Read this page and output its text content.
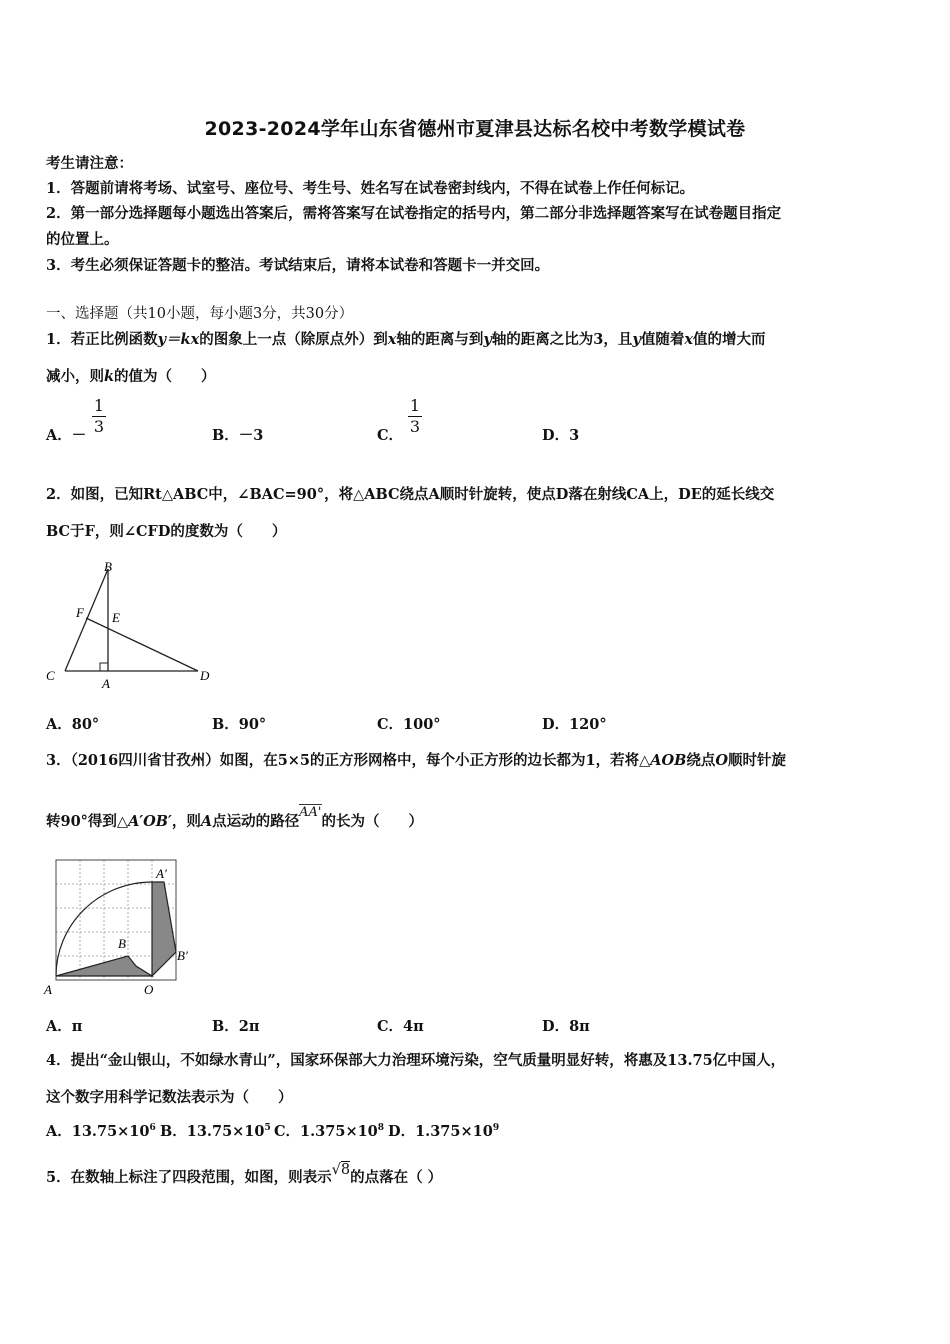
2023-2024学年山东省德州市夏津县达标名校中考数学模试卷
考生请注意：
1．答题前请将考场、试室号、座位号、考生号、姓名写在试卷密封线内，不得在试卷上作任何标记。
2．第一部分选择题每小题选出答案后，需将答案写在试卷指定的括号内，第二部分非选择题答案写在试卷题目指定
的位置上。
3．考生必须保证答题卡的整洁。考试结束后，请将本试卷和答题卡一并交回。
一、选择题（共10小题，每小题3分，共30分）
1．若正比例函数y＝kx的图象上一点（除原点外）到x轴的距离与到y轴的距离之比为3，且y值随着x值的增大而
减小，则k的值为（　　）
A．－
1
3	B．－3	C．
1
3	D．3
2．如图，已知Rt△ABC中，∠BAC=90°，将△ABC绕点A顺时针旋转，使点D落在射线CA上，DE的延长线交
BC于F，则∠CFD的度数为（　　）
B
F E
C
A
D
A．80°	B．90°	C．100°	D．120°
3．（2016四川省甘孜州）如图，在5×5的正方形网格中，每个小正方形的边长都为1，若将△AOB绕点O顺时针旋
转90°得到△A′OB′，则A点运动的路径AA'的长为（　　）
A	O
B
A′
B′
A．π	B．2π	C．4π	D．8π
4．提出“金山银山，不如绿水青山”，国家环保部大力治理环境污染，空气质量明显好转，将惠及13.75亿中国人，
这个数字用科学记数法表示为（　　）
A．$13.75\times 10^6$ B．$13.75\times 10^5$ C．$1.375\times 10^8$ D．$1.375\times 10^9$
5．在数轴上标注了四段范围，如图，则表示√8的点落在（ ）
